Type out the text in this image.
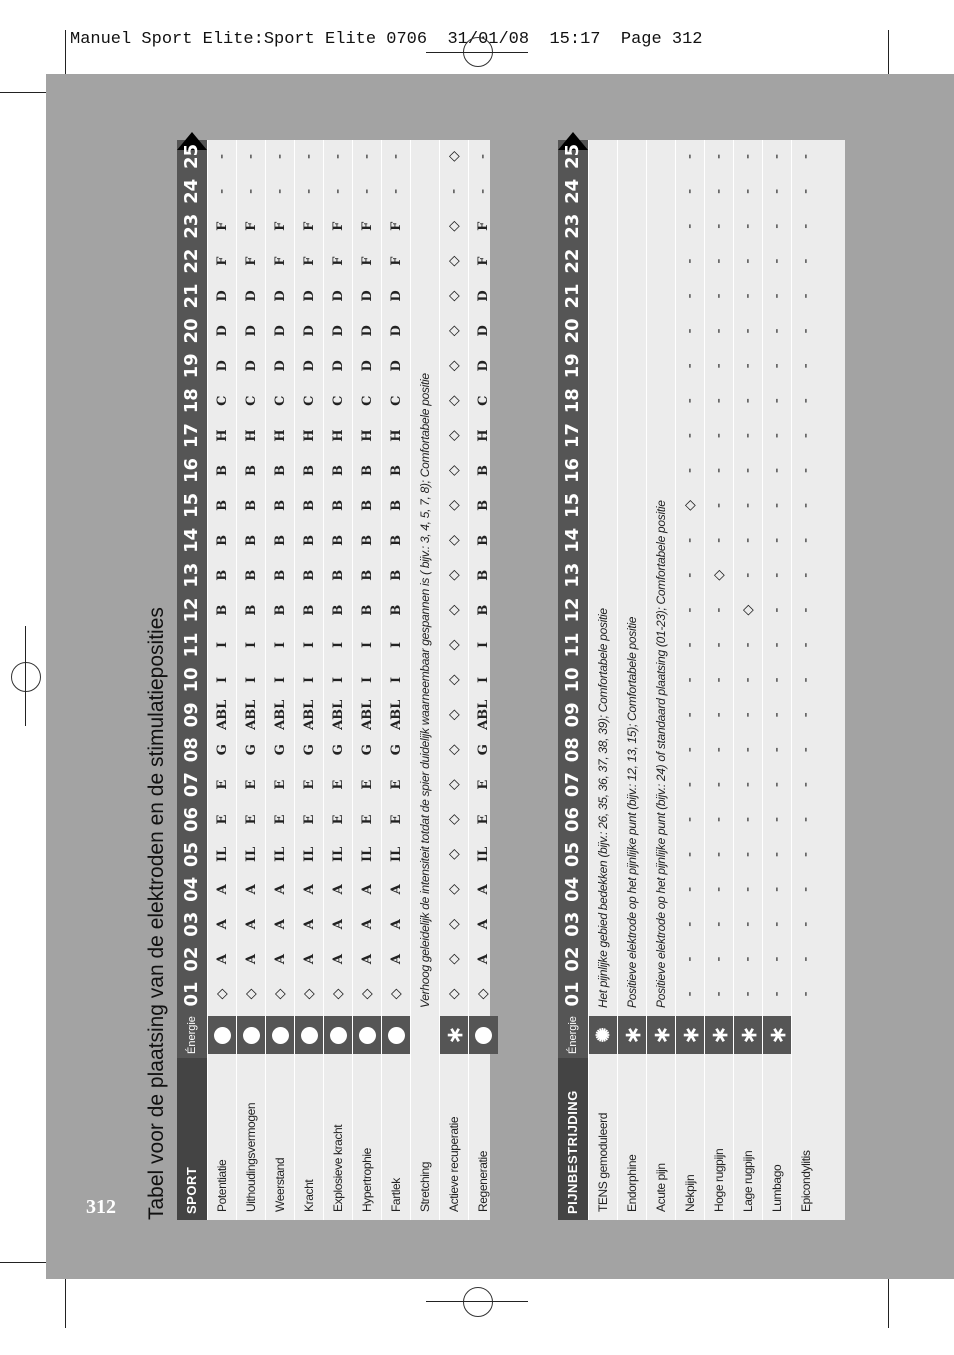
Manuel Sport Elite:Sport Elite 0706  31/01/08  15:17  Page 312
312 Tabel voor de plaatsing van de elektroden en de stimulatieposities	SPORT
Énergie
01
02
03
04
05
06
07
08
09
10
11
12
13
14
15
16
17
18
19
20
21
22
23
24
25
Potentiatie
◇
A
A
A
IL
E
E
G
ABL
I
I
B
B
B
B
B
H
C
D
D
D
F
F
-
-
Uithoudingsvermogen
◇
A
A
A
IL
E
E
G
ABL
I
I
B
B
B
B
B
H
C
D
D
D
F
F
-
-
Weerstand
◇
A
A
A
IL
E
E
G
ABL
I
I
B
B
B
B
B
H
C
D
D
D
F
F
-
-
Kracht
◇
A
A
A
IL
E
E
G
ABL
I
I
B
B
B
B
B
H
C
D
D
D
F
F
-
-
Explosieve kracht
◇
A
A
A
IL
E
E
G
ABL
I
I
B
B
B
B
B
H
C
D
D
D
F
F
-
-
Hypertrophie
◇
A
A
A
IL
E
E
G
ABL
I
I
B
B
B
B
B
H
C
D
D
D
F
F
-
-
Fartlek
◇
A
A
A
IL
E
E
G
ABL
I
I
B
B
B
B
B
H
C
D
D
D
F
F
-
-
Stretching
Verhoog geleidelijk de intensiteit totdat de spier duidelijk waarneembaar gespannen is ( bijv.: 3, 4, 5, 7, 8); Comfortabele positie
Actieve recuperatie
∗
◇
◇
◇
◇
◇
◇
◇
◇
◇
◇
◇
◇
◇
◇
◇
◇
◇
◇
◇
◇
◇
◇
◇
-
◇
Regeneratie
◇
A
A
A
IL
E
E
G
ABL
I
I
B
B
B
B
B
H
C
D
D
D
F
F
-
-
PIJNBESTRIJDING
Énergie
01
02
03
04
05
06
07
08
09
10
11
12
13
14
15
16
17
18
19
20
21
22
23
24
25
TENS gemoduleerd
✺
Het pijnlijke gebied bedekken (bijv.: 26, 35, 36, 37, 38, 39); Comfortabele positie
Endorphine
∗
Positieve elektrode op het pijnlijke punt (bijv.: 12, 13, 15); Comfortabele positie
Acute pijn
∗
Positieve elektrode op het pijnlijke punt (bijv.: 24) of standaard plaatsing (01-23); Comfortabele positie
Nekpijn
∗
-
-
-
-
-
-
-
-
-
-
-
-
-
-
◇
-
-
-
-
-
-
-
-
-
-
Hoge rugpijn
∗
-
-
-
-
-
-
-
-
-
-
-
-
◇
-
-
-
-
-
-
-
-
-
-
-
-
Lage rugpijn
∗
-
-
-
-
-
-
-
-
-
-
-
◇
-
-
-
-
-
-
-
-
-
-
-
-
-
Lumbago
∗
-
-
-
-
-
-
-
-
-
-
-
-
-
-
-
-
-
-
-
-
-
-
-
-
-
Epicondylitis
-
-
-
-
-
-
-
-
-
-
-
-
-
-
-
-
-
-
-
-
-
-
-
-
-
